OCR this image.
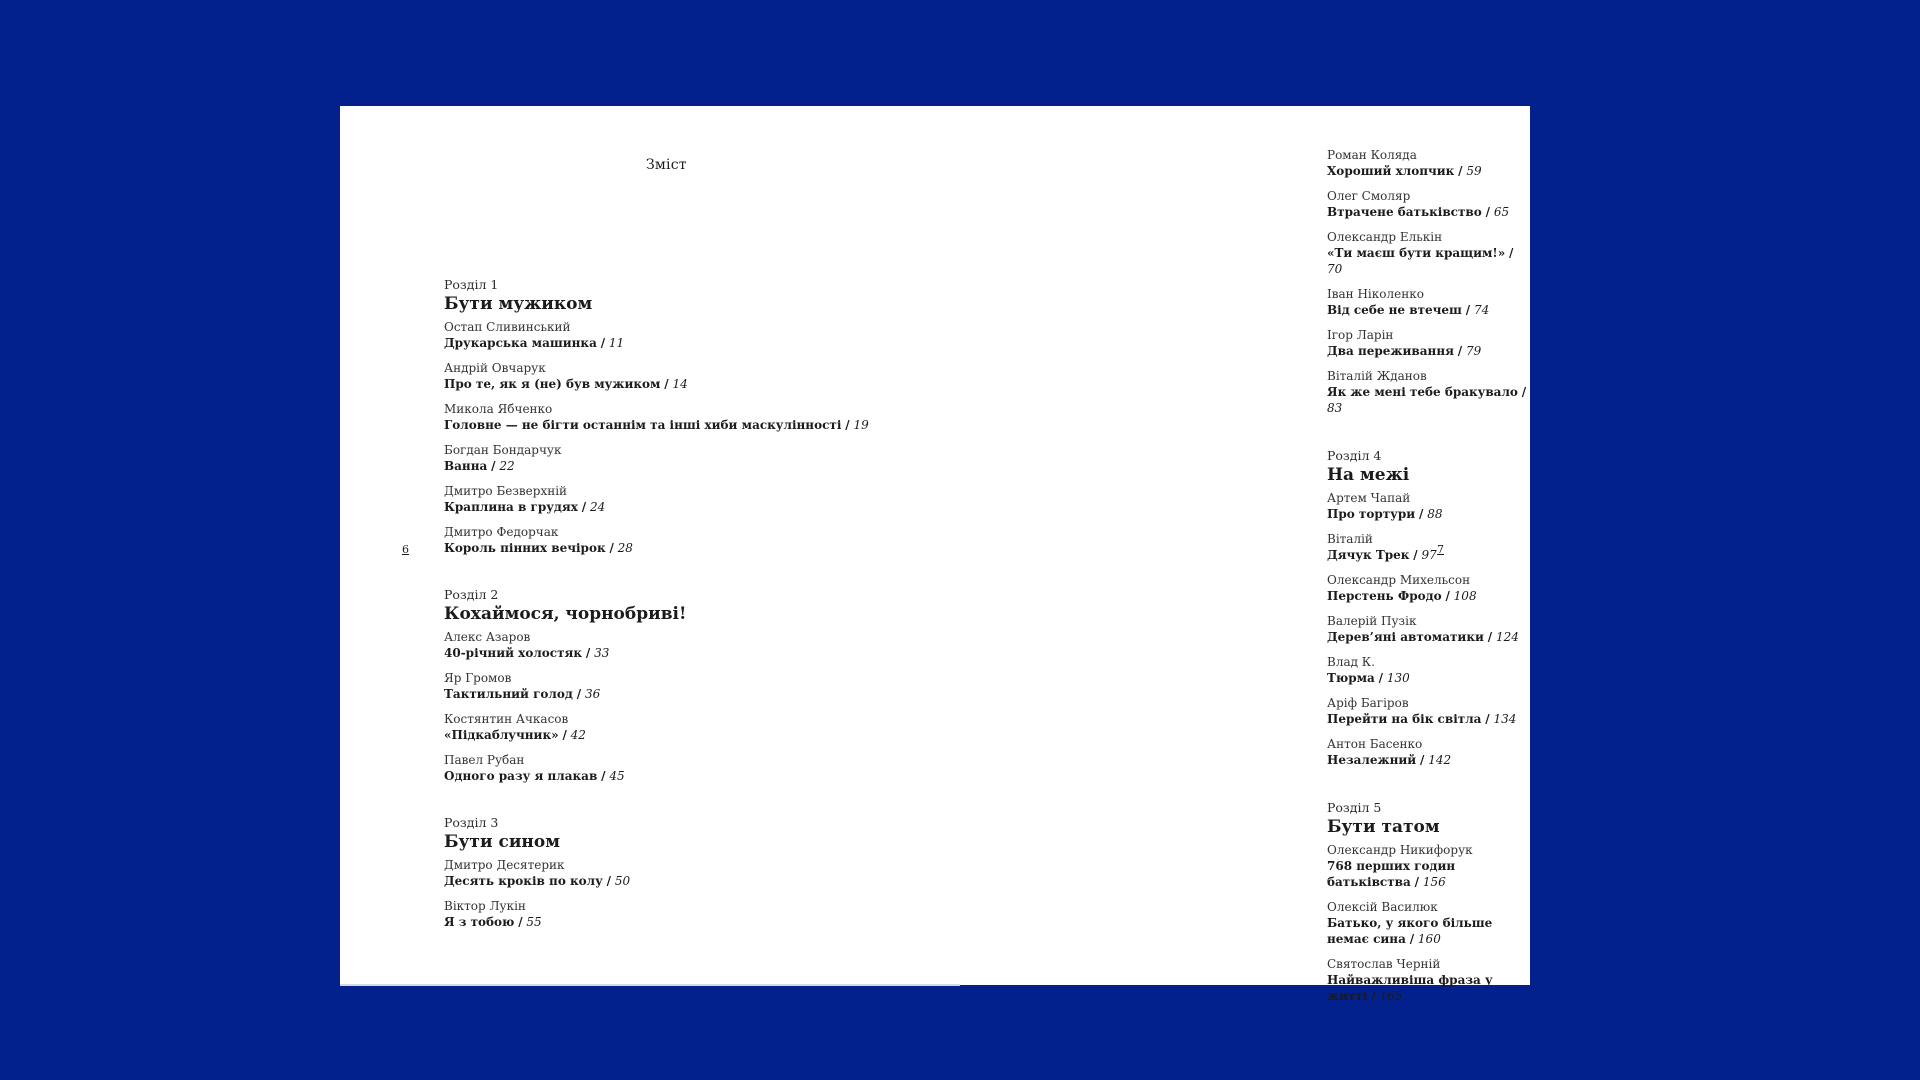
Зміст
6
Розділ 1
Бути мужиком
Остап Сливинський
Друкарська машинка / 11
Андрій Овчарук
Про те, як я (не) був мужиком / 14
Микола Ябченко
Головне — не бігти останнім та інші хиби маскулінності / 19
Богдан Бондарчук
Ванна / 22
Дмитро Безверхній
Краплина в грудях / 24
Дмитро Федорчак
Король пінних вечірок / 28
Розділ 2
Кохаймося, чорнобриві!
Алекс Азаров
40-річний холостяк / 33
Яр Громов
Тактильний голод / 36
Костянтин Ачкасов
«Підкаблучник» / 42
Павел Рубан
Одного разу я плакав / 45
Розділ 3
Бути сином
Дмитро Десятерик
Десять кроків по колу / 50
Віктор Лукін
Я з тобою / 55
Роман Коляда
Хороший хлопчик / 59
Олег Смоляр
Втрачене батьківство / 65
Олександр Елькін
«Ти маєш бути кращим!» / 70
Іван Ніколенко
Від себе не втечеш / 74
Ігор Ларін
Два переживання / 79
Віталій Жданов
Як же мені тебе бракувало / 83
Розділ 4
На межі
Артем Чапай
Про тортури / 88
Віталій
Дячук Трек / 97
Олександр Михельсон
Перстень Фродо / 108
Валерій Пузік
Дерев’яні автоматики / 124
Влад К.
Тюрма / 130
Аріф Багіров
Перейти на бік світла / 134
Антон Басенко
Незалежний / 142
Розділ 5
Бути татом
Олександр Никифорук
768 перших годин батьківства / 156
Олексій Василюк
Батько, у якого більше немає сина / 160
Святослав Черній
Найважливіша фраза у житті / 165
7
